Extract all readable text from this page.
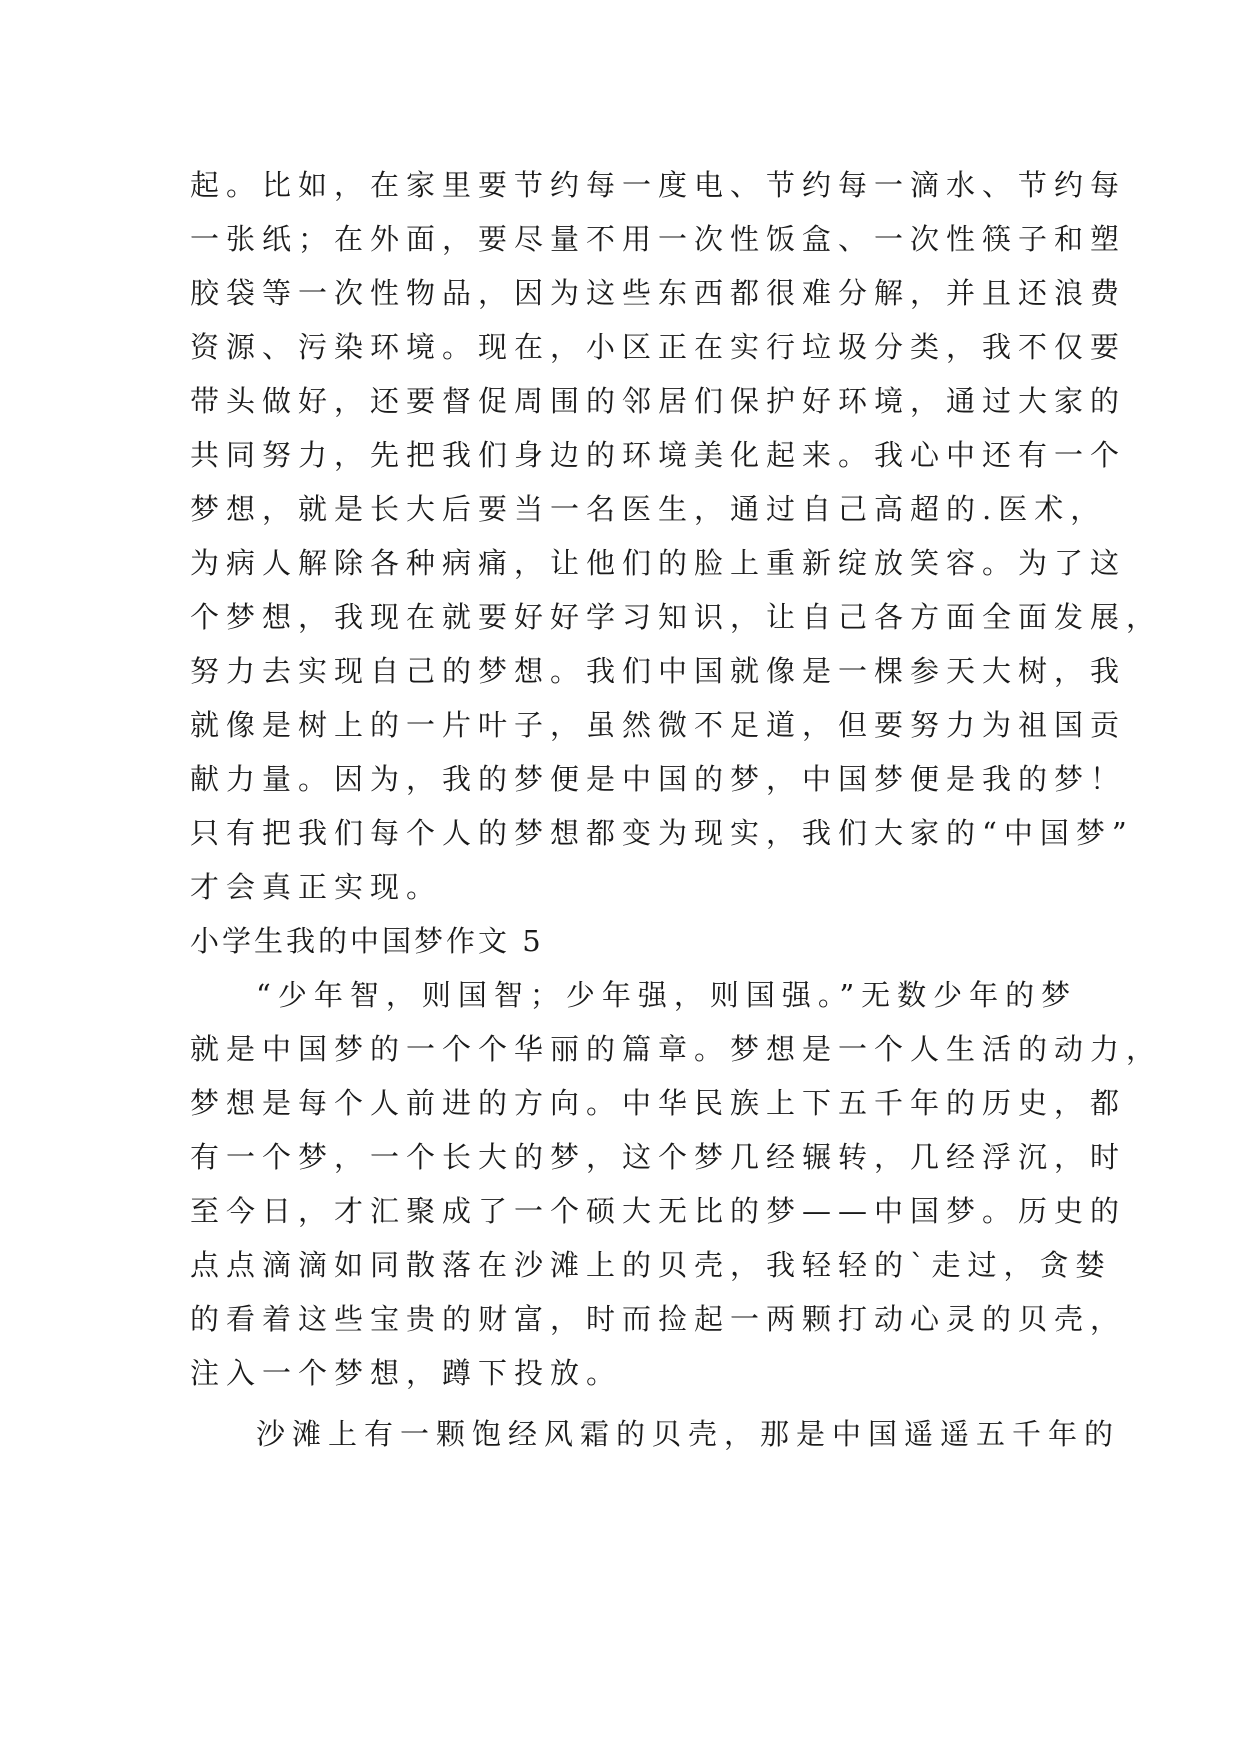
起。比如，在家里要节约每一度电、节约每一滴水、节约每
一张纸；在外面，要尽量不用一次性饭盒、一次性筷子和塑
胶袋等一次性物品，因为这些东西都很难分解，并且还浪费
资源、污染环境。现在，小区正在实行垃圾分类，我不仅要
带头做好，还要督促周围的邻居们保护好环境，通过大家的
共同努力，先把我们身边的环境美化起来。我心中还有一个
梦想，就是长大后要当一名医生，通过自己高超的.医术，
为病人解除各种病痛，让他们的脸上重新绽放笑容。为了这
个梦想，我现在就要好好学习知识，让自己各方面全面发展，
努力去实现自己的梦想。我们中国就像是一棵参天大树，我
就像是树上的一片叶子，虽然微不足道，但要努力为祖国贡
献力量。因为，我的梦便是中国的梦，中国梦便是我的梦！
只有把我们每个人的梦想都变为现实，我们大家的“中国梦”
才会真正实现。
小学生我的中国梦作文 5
“少年智，则国智；少年强，则国强。”无数少年的梦
就是中国梦的一个个华丽的篇章。梦想是一个人生活的动力，
梦想是每个人前进的方向。中华民族上下五千年的历史，都
有一个梦，一个长大的梦，这个梦几经辗转，几经浮沉，时
至今日，才汇聚成了一个硕大无比的梦——中国梦。历史的
点点滴滴如同散落在沙滩上的贝壳，我轻轻的`走过，贪婪
的看着这些宝贵的财富，时而捡起一两颗打动心灵的贝壳，
注入一个梦想，蹲下投放。
沙滩上有一颗饱经风霜的贝壳，那是中国遥遥五千年的
